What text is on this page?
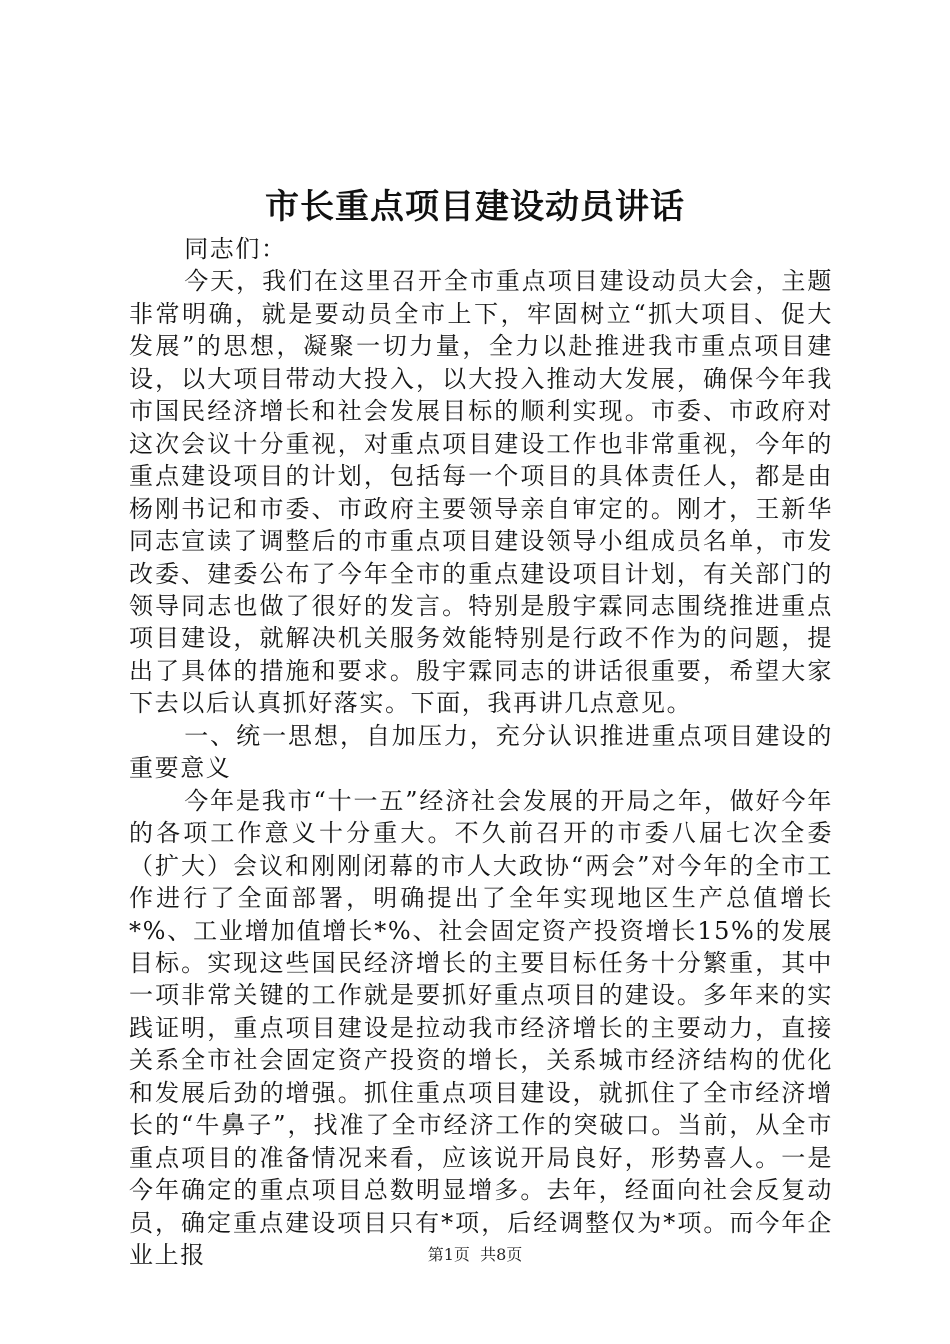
市长重点项目建设动员讲话

同志们：

今天，我们在这里召开全市重点项目建设动员大会，主题非常明确，就是要动员全市上下，牢固树立“抓大项目、促大发展”的思想，凝聚一切力量，全力以赴推进我市重点项目建设，以大项目带动大投入，以大投入推动大发展，确保今年我市国民经济增长和社会发展目标的顺利实现。市委、市政府对这次会议十分重视，对重点项目建设工作也非常重视，今年的重点建设项目的计划，包括每一个项目的具体责任人，都是由杨刚书记和市委、市政府主要领导亲自审定的。刚才，王新华同志宣读了调整后的市重点项目建设领导小组成员名单，市发改委、建委公布了今年全市的重点建设项目计划，有关部门的领导同志也做了很好的发言。特别是殷宇霖同志围绕推进重点项目建设，就解决机关服务效能特别是行政不作为的问题，提出了具体的措施和要求。殷宇霖同志的讲话很重要，希望大家下去以后认真抓好落实。下面，我再讲几点意见。

一、统一思想，自加压力，充分认识推进重点项目建设的重要意义

今年是我市“十一五”经济社会发展的开局之年，做好今年的各项工作意义十分重大。不久前召开的市委八届七次全委（扩大）会议和刚刚闭幕的市人大政协“两会”对今年的全市工作进行了全面部署，明确提出了全年实现地区生产总值增长*%、工业增加值增长*%、社会固定资产投资增长15%的发展目标。实现这些国民经济增长的主要目标任务十分繁重，其中一项非常关键的工作就是要抓好重点项目的建设。多年来的实践证明，重点项目建设是拉动我市经济增长的主要动力，直接关系全市社会固定资产投资的增长，关系城市经济结构的优化和发展后劲的增强。抓住重点项目建设，就抓住了全市经济增长的“牛鼻子”，找准了全市经济工作的突破口。当前，从全市重点项目的准备情况来看，应该说开局良好，形势喜人。一是今年确定的重点项目总数明显增多。去年，经面向社会反复动员，确定重点建设项目只有*项，后经调整仅为*项。而今年企业上报	第1页 共8页
